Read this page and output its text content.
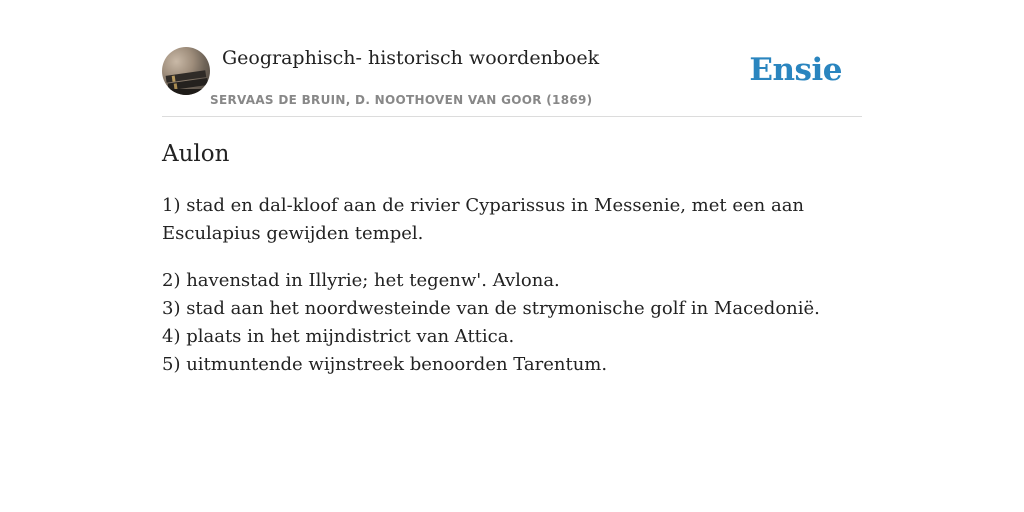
Geographisch- historisch woordenboek
SERVAAS DE BRUIN, D. NOOTHOVEN VAN GOOR (1869)
Ensie
Aulon

1) stad en dal-kloof aan de rivier Cyparissus in Messenie, met een aan Esculapius gewijden tempel.

2) havenstad in Illyrie; het tegenw'. Avlona.
3) stad aan het noordwesteinde van de strymonische golf in Macedonië.
4) plaats in het mijndistrict van Attica.
5) uitmuntende wijnstreek benoorden Tarentum.
